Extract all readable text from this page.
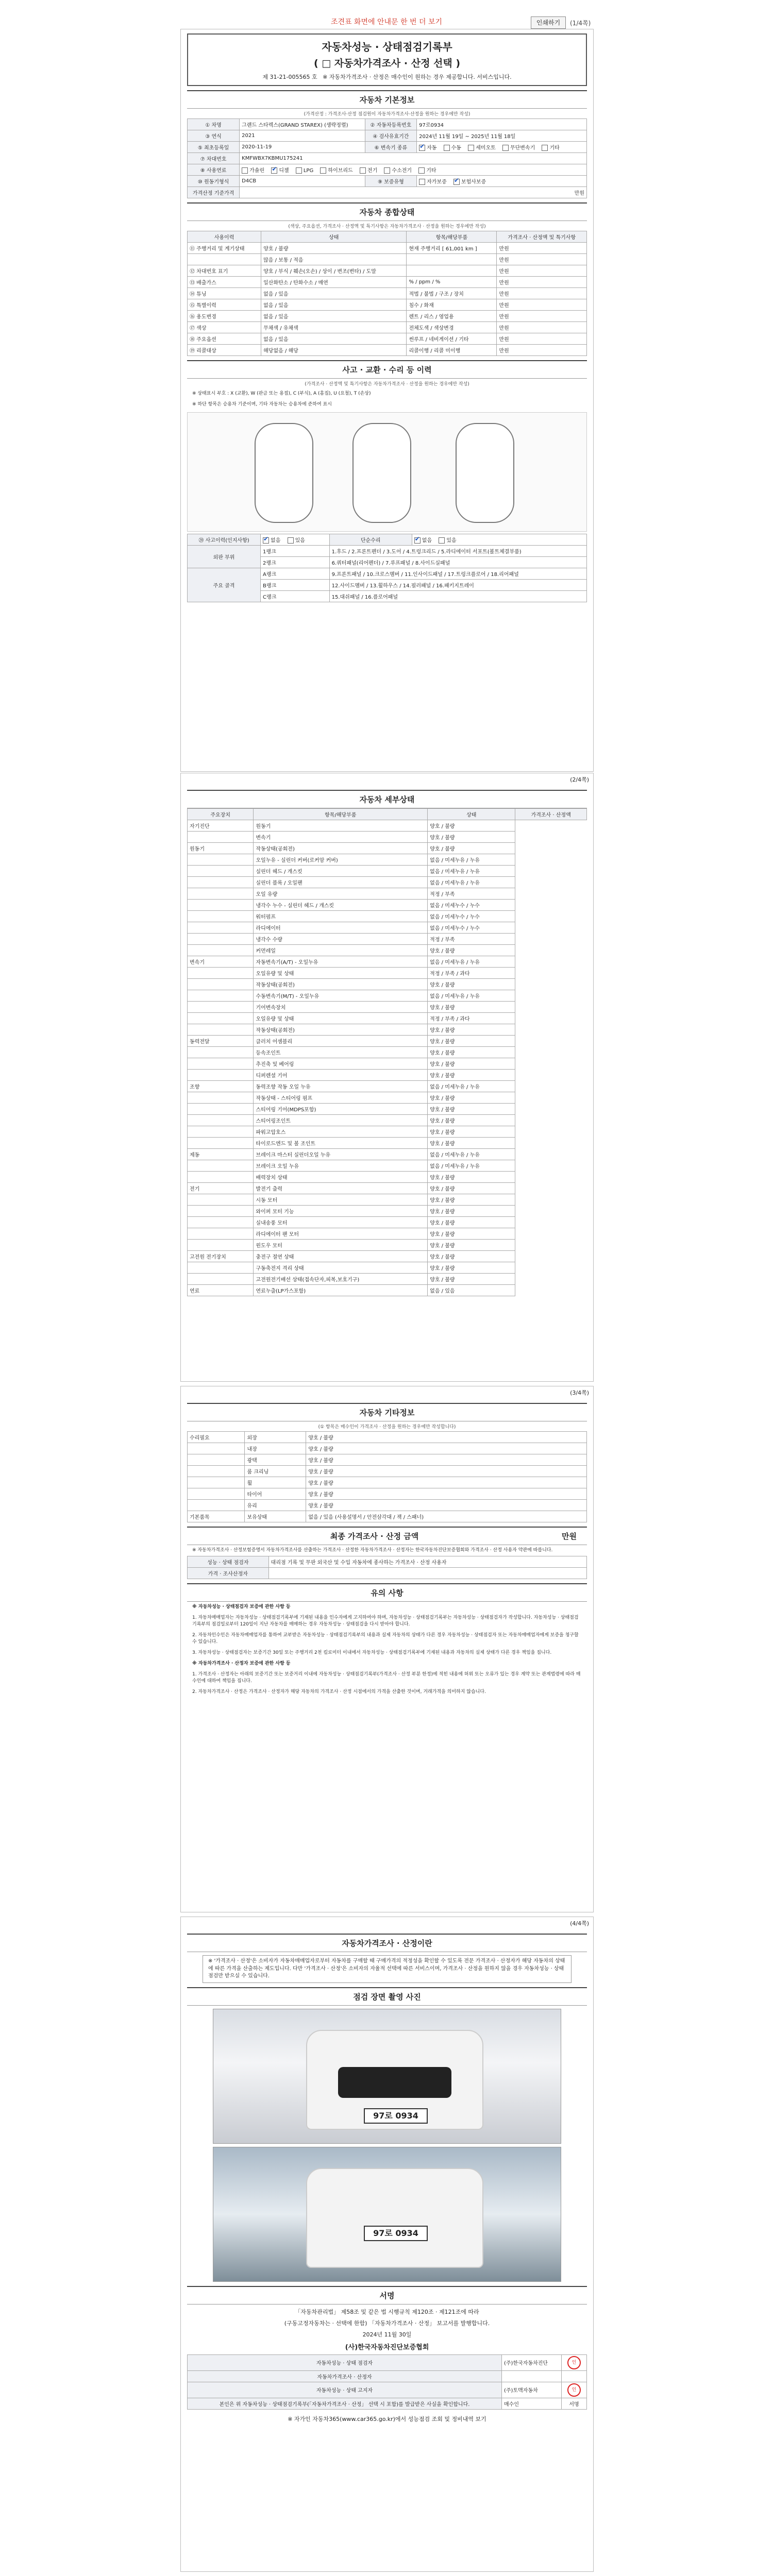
조견표 화면에 안내문 한 번 더 보기	인쇄하기	(1/4쪽)
자동차성능 · 상태점검기록부
( □ 자동차가격조사 · 산정 선택 )
제 31-21-005565 호 ※ 자동차가격조사 · 산정은 매수인이 원하는 경우 제공합니다. 서비스입니다.
자동차 기본정보
(가격산정 : 가격조사·산정 점검원이 자동차가격조사·산정을 원하는 경우에만 작성)
① 차명	그랜드 스타렉스(GRAND STAREX) (생략정렬)	② 자동차등록번호	97로0934
③ 연식	2021	④ 검사유효기간	2024년 11월 19일 ~ 2025년 11월 18일
⑤ 최초등록일	2020-11-19	⑥ 변속기 종류	✔자동 수동 세미오토 무단변속기 기타
⑦ 차대번호	KMFWBX7KBMU175241		
⑧ 사용연료	가솔린 ✔ 디젤 LPG 하이브리드 전기 수소전기 기타
⑩ 원동기형식	D4CB	⑨ 보증유형	자가보증 ✔ 보험사보증
가격산정 기준가격	만원		
자동차 종합상태
(색상, 주요옵션, 가격조사 · 산정액 및 특기사항은 자동차가격조사 · 산정을 원하는 경우에만 작성)
사용이력	상태	항목/해당부품	가격조사 · 산정액 및 특기사항
⑪ 주행거리 및 계기상태	양호 / 불량	현재 주행거리 [ 61,001 km ]	만원
	많음 / 보통 / 적음		만원
⑫ 차대번호 표기	양호 / 부식 / 훼손(오손) / 상이 / 변조(변타) / 도말		만원
⑬ 배출가스	일산화탄소 / 탄화수소 / 매연	% / ppm / %	만원
⑭ 튜닝	없음 / 있음	적법 / 불법 / 구조 / 장치	만원
⑮ 특별이력	없음 / 있음	침수 / 화재	만원
⑯ 용도변경	없음 / 있음	렌트 / 리스 / 영업용	만원
⑰ 색상	무채색 / 유채색	전체도색 / 색상변경	만원
⑱ 주요옵션	없음 / 있음	썬루프 / 네비게이션 / 기타	만원
⑲ 리콜대상	해당없음 / 해당	리콜이행 / 리콜 미이행	만원
사고 · 교환 · 수리 등 이력
(가격조사 · 산정액 및 특기사항은 자동차가격조사 · 산정을 원하는 경우에만 작성)
※ 상태표시 부호 : X (교환), W (판금 또는 용접), C (부식), A (흠집), U (요철), T (손상)
※ 하단 항목은 승용차 기준이며, 기타 자동차는 승용차에 준하여 표시
⑳ 사고이력(인지사항)	✔없음 있음	단순수리	✔없음 있음
외판 부위	1랭크	1.후드 / 2.프론트펜더 / 3.도어 / 4.트렁크리드 / 5.라디에이터 서포트(볼트체결부품)	
	2랭크	6.쿼터패널(리어펜더) / 7.루프패널 / 8.사이드실패널	
주요 골격	A랭크	9.프론트패널 / 10.크로스멤버 / 11.인사이드패널 / 17.트렁크플로어 / 18.리어패널	
	B랭크	12.사이드멤버 / 13.휠하우스 / 14.필러패널 / 16.패키지트레이	
	C랭크	15.대쉬패널 / 16.플로어패널	
(2/4쪽)
자동차 세부상태
주요장치	항목/해당부품	상태	가격조사 · 산정액
자기진단	원동기	양호 / 불량	
	변속기	양호 / 불량	
원동기	작동상태(공회전)	양호 / 불량	
	오일누유 - 실린더 커버(로커암 커버)	없음 / 미세누유 / 누유	
	실린더 헤드 / 개스킷	없음 / 미세누유 / 누유	
	실린더 블록 / 오일팬	없음 / 미세누유 / 누유	
	오일 유량	적정 / 부족	
	냉각수 누수 - 실린더 헤드 / 개스킷	없음 / 미세누수 / 누수	
	워터펌프	없음 / 미세누수 / 누수	
	라디에이터	없음 / 미세누수 / 누수	
	냉각수 수량	적정 / 부족	
	커먼레일	양호 / 불량	
변속기	자동변속기(A/T) - 오일누유	없음 / 미세누유 / 누유	
	오일유량 및 상태	적정 / 부족 / 과다	
	작동상태(공회전)	양호 / 불량	
	수동변속기(M/T) - 오일누유	없음 / 미세누유 / 누유	
	기어변속장치	양호 / 불량	
	오일유량 및 상태	적정 / 부족 / 과다	
	작동상태(공회전)	양호 / 불량	
동력전달	클러치 어셈블리	양호 / 불량	
	등속조인트	양호 / 불량	
	추진축 및 베어링	양호 / 불량	
	디퍼렌셜 기어	양호 / 불량	
조향	동력조향 작동 오일 누유	없음 / 미세누유 / 누유	
	작동상태 - 스티어링 펌프	양호 / 불량	
	스티어링 기어(MDPS포함)	양호 / 불량	
	스티어링조인트	양호 / 불량	
	파워고압호스	양호 / 불량	
	타이로드엔드 및 볼 조인트	양호 / 불량	
제동	브레이크 마스터 실린더오일 누유	없음 / 미세누유 / 누유	
	브레이크 오일 누유	없음 / 미세누유 / 누유	
	배력장치 상태	양호 / 불량	
전기	발전기 출력	양호 / 불량	
	시동 모터	양호 / 불량	
	와이퍼 모터 기능	양호 / 불량	
	실내송풍 모터	양호 / 불량	
	라디에이터 팬 모터	양호 / 불량	
	윈도우 모터	양호 / 불량	
고전원 전기장치	충전구 절연 상태	양호 / 불량	
	구동축전지 격리 상태	양호 / 불량	
	고전원전기배선 상태(접속단자,피복,보호기구)	양호 / 불량	
연료	연료누출(LP가스포함)	없음 / 있음	
(3/4쪽)
자동차 기타정보
(① 항목은 매수인이 가격조사 · 산정을 원하는 경우에만 작성합니다)
수리필요	외장	양호 / 불량
	내장	양호 / 불량
	광택	양호 / 불량
	룸 크리닝	양호 / 불량
	휠	양호 / 불량
	타이어	양호 / 불량
	유리	양호 / 불량
기본품목	보유상태	없음 / 있음 (사용설명서 / 안전삼각대 / 잭 / 스패너)
최종 가격조사 · 산정 금액	만원
※ 자동차가격조사 · 산정보험증명서 자동차가격조사를 산출하는 가격조사 · 산정한 자동차가격조사 · 산정자는 한국자동차진단보증협회와 가격조사 · 산정 사용자 약관에 따릅니다.
성능 · 상태 점검자	대리점 기록 및 무판 외국산 및 수입 자동차에 종사하는 가격조사 · 산정 사용자
가격 · 조사산정자	
유의 사항
※ 자동차성능 · 상태점검자 보증에 관한 사항 등
1. 자동차매매업자는 자동차성능 · 상태점검기록부에 기재된 내용을 인수자에게 고지하여야 하며, 자동차성능 · 상태점검기록부는 자동차성능 · 상태점검자가 작성합니다. 자동차성능 · 상태점검기록부의 점검일로부터 120일이 지난 자동차를 매매하는 경우 자동차성능 · 상태점검을 다시 받아야 합니다.
2. 자동차인수인은 자동차매매업자를 통하여 교부받은 자동차성능 · 상태점검기록부의 내용과 실제 자동차의 상태가 다른 경우 자동차성능 · 상태점검자 또는 자동차매매업자에게 보증을 청구할 수 있습니다.
3. 자동차성능 · 상태점검자는 보증기간 30일 또는 주행거리 2천 킬로미터 이내에서 자동차성능 · 상태점검기록부에 기재된 내용과 자동차의 실제 상태가 다른 경우 책임을 집니다.
※ 자동차가격조사 · 산정자 보증에 관한 사항 등
1. 가격조사 · 산정자는 아래의 보증기간 또는 보증거리 이내에 자동차성능 · 상태점검기록부(가격조사 · 산정 부분 한정)에 적힌 내용에 허위 또는 오류가 있는 경우 계약 또는 관계법령에 따라 매수인에 대하여 책임을 집니다.
2. 자동차가격조사 · 산정은 가격조사 · 산정자가 해당 자동차의 가격조사 · 산정 시점에서의 가격을 산출한 것이며, 거래가격을 의미하지 않습니다.
(4/4쪽)
자동차가격조사 · 산정이란
※ '가격조사 · 산정'은 소비자가 자동차매매업자로부터 자동차를 구매할 때 구매가격의 적정성을 확인할 수 있도록 전문 가격조사 · 산정자가 해당 자동차의 상태에 따른 가격을 산출하는 제도입니다. 다만 '가격조사 · 산정'은 소비자의 자율적 선택에 따른 서비스이며, 가격조사 · 산정을 원하지 않을 경우 자동차성능 · 상태점검만 받으실 수 있습니다.
점검 장면 촬영 사진
97로 0934
97로 0934
서명
「자동차관리법」 제58조 및 같은 법 시행규칙 제120조 · 제121조에 따라
(구동고정자동차는 · 선택에 한함) 「자동차가격조사 · 산정」 보고서를 발행합니다.
2024년 11월 30일
(사)한국자동차진단보증협회
자동차성능 · 상태 점검자	(주)한국자동차진단	인
자동차가격조사 · 산정자		
자동차성능 · 상태 고지자	(주)토맥자동차	인
본인은 위 자동차성능 · 상태점검기록부(「자동차가격조사 · 산정」 선택 시 포함)를 발급받은 사실을 확인합니다.	매수인	서명
※ 자가인 자동차365(www.car365.go.kr)에서 성능점검 조회 및 정비내역 보기
